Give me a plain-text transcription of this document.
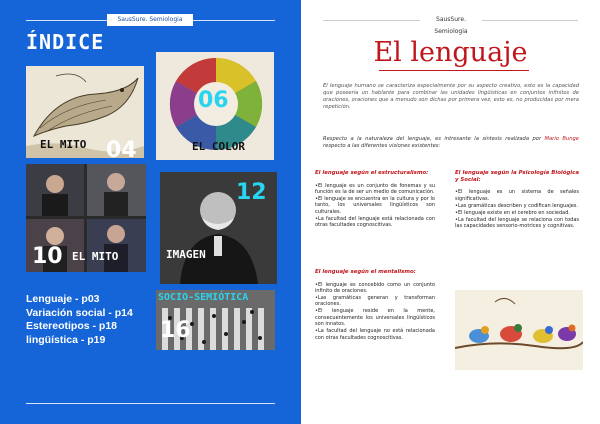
SausSure. Semiologia
ÍNDICE
EL MITO 04
06
EL COLOR
10 EL MITO
12
IMAGEN
SOCIO-SEMIÓTICA
16
Lenguaje - p03
Variación social - p14
Estereotipos - p18
lingüística - p19
SausSure. Semiologia
El lenguaje
El lenguaje humano se caracteriza especialmente por su aspecto creativo, esto es la capacidad que poseería un hablante para combinar las unidades lingüísticas en conjuntos infinitos de oraciones, oraciones que a menudo son dichas por primera vez, esto es, no producidas por mera repetición.
Respecto a la naturaleza del lenguaje, es intresante la síntesis realizada por Mario Bunge respecto a las diferentes visiones existentes:
El lenguaje según el estructuralismo:
•El lenguaje es un conjunto de fonemas y su función es la de ser un medio de comunicación.
•El lenguaje se encuentra en la cultura y por lo tanto, los universales lingüísticos son culturales.
•La facultad del lenguaje está relacionada con otras facultades cognoscitivas.
El lenguaje según el mentalismo:
•El lenguaje es concebido como un conjunto infinito de oraciones.
•Las gramáticas generan y transforman oraciones.
•El lenguaje reside en la mente, consecuentemente los universales lingüísticos son innatos.
•La facultad del lenguaje no está relacionada con otras facultades cognoscitivas.
El lenguaje según la Psicología Biológica y Social:
•El lenguaje es un sistema de señales significativas.
•Las gramáticas describen y codifican lenguajes.
•El lenguaje existe en el cerebro en sociedad.
•La facultad del lenguaje se relaciona con todas las capacidades sensorio-motrices y cognitivas.
